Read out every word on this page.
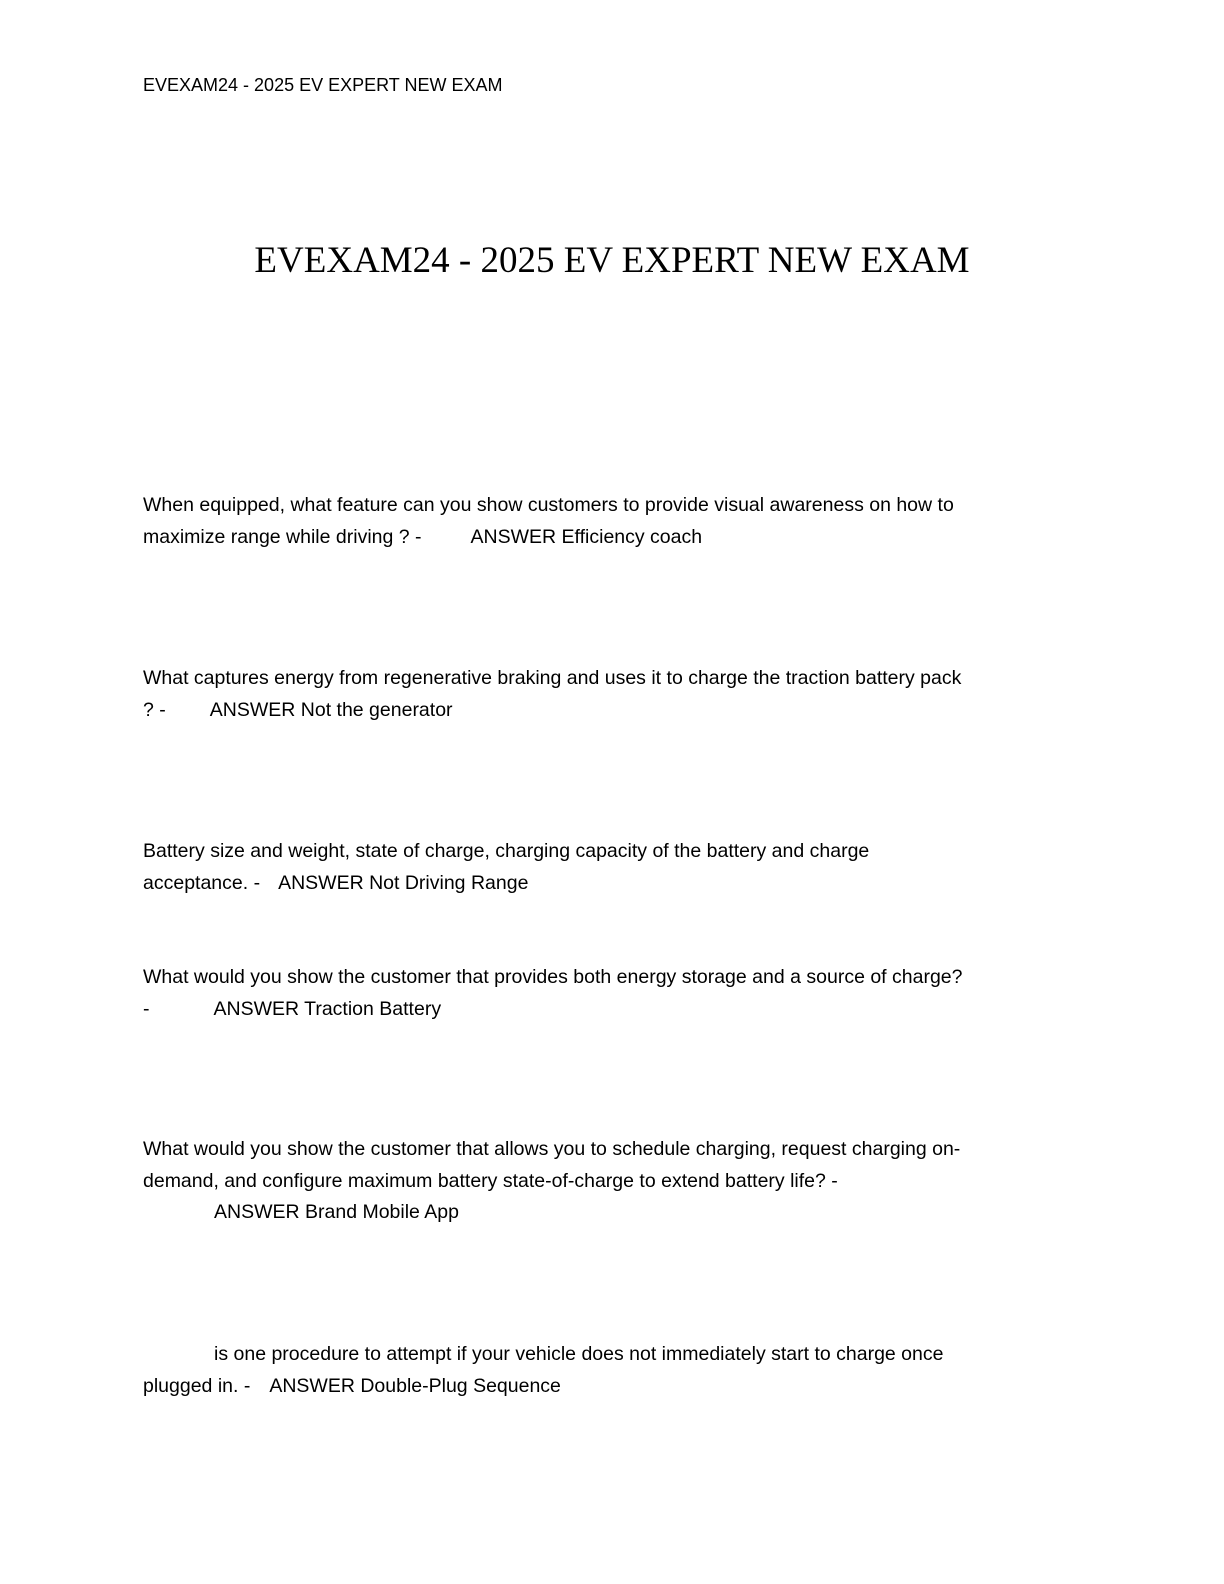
EVEXAM24 - 2025 EV EXPERT NEW EXAM
EVEXAM24 - 2025 EV EXPERT NEW EXAM
When equipped, what feature can you show customers to provide visual awareness on how to
maximize range while driving ? -	ANSWER Efficiency coach
What captures energy from regenerative braking and uses it to charge the traction battery pack
? - ANSWER Not the generator
Battery size and weight, state of charge, charging capacity of the battery and charge
acceptance. - ANSWER Not Driving Range
What would you show the customer that provides both energy storage and a source of charge?
-	ANSWER Traction Battery
What would you show the customer that allows you to schedule charging, request charging on-
demand, and configure maximum battery state-of-charge to extend battery life? -
ANSWER Brand Mobile App
is one procedure to attempt if your vehicle does not immediately start to charge once
plugged in. - ANSWER Double-Plug Sequence
